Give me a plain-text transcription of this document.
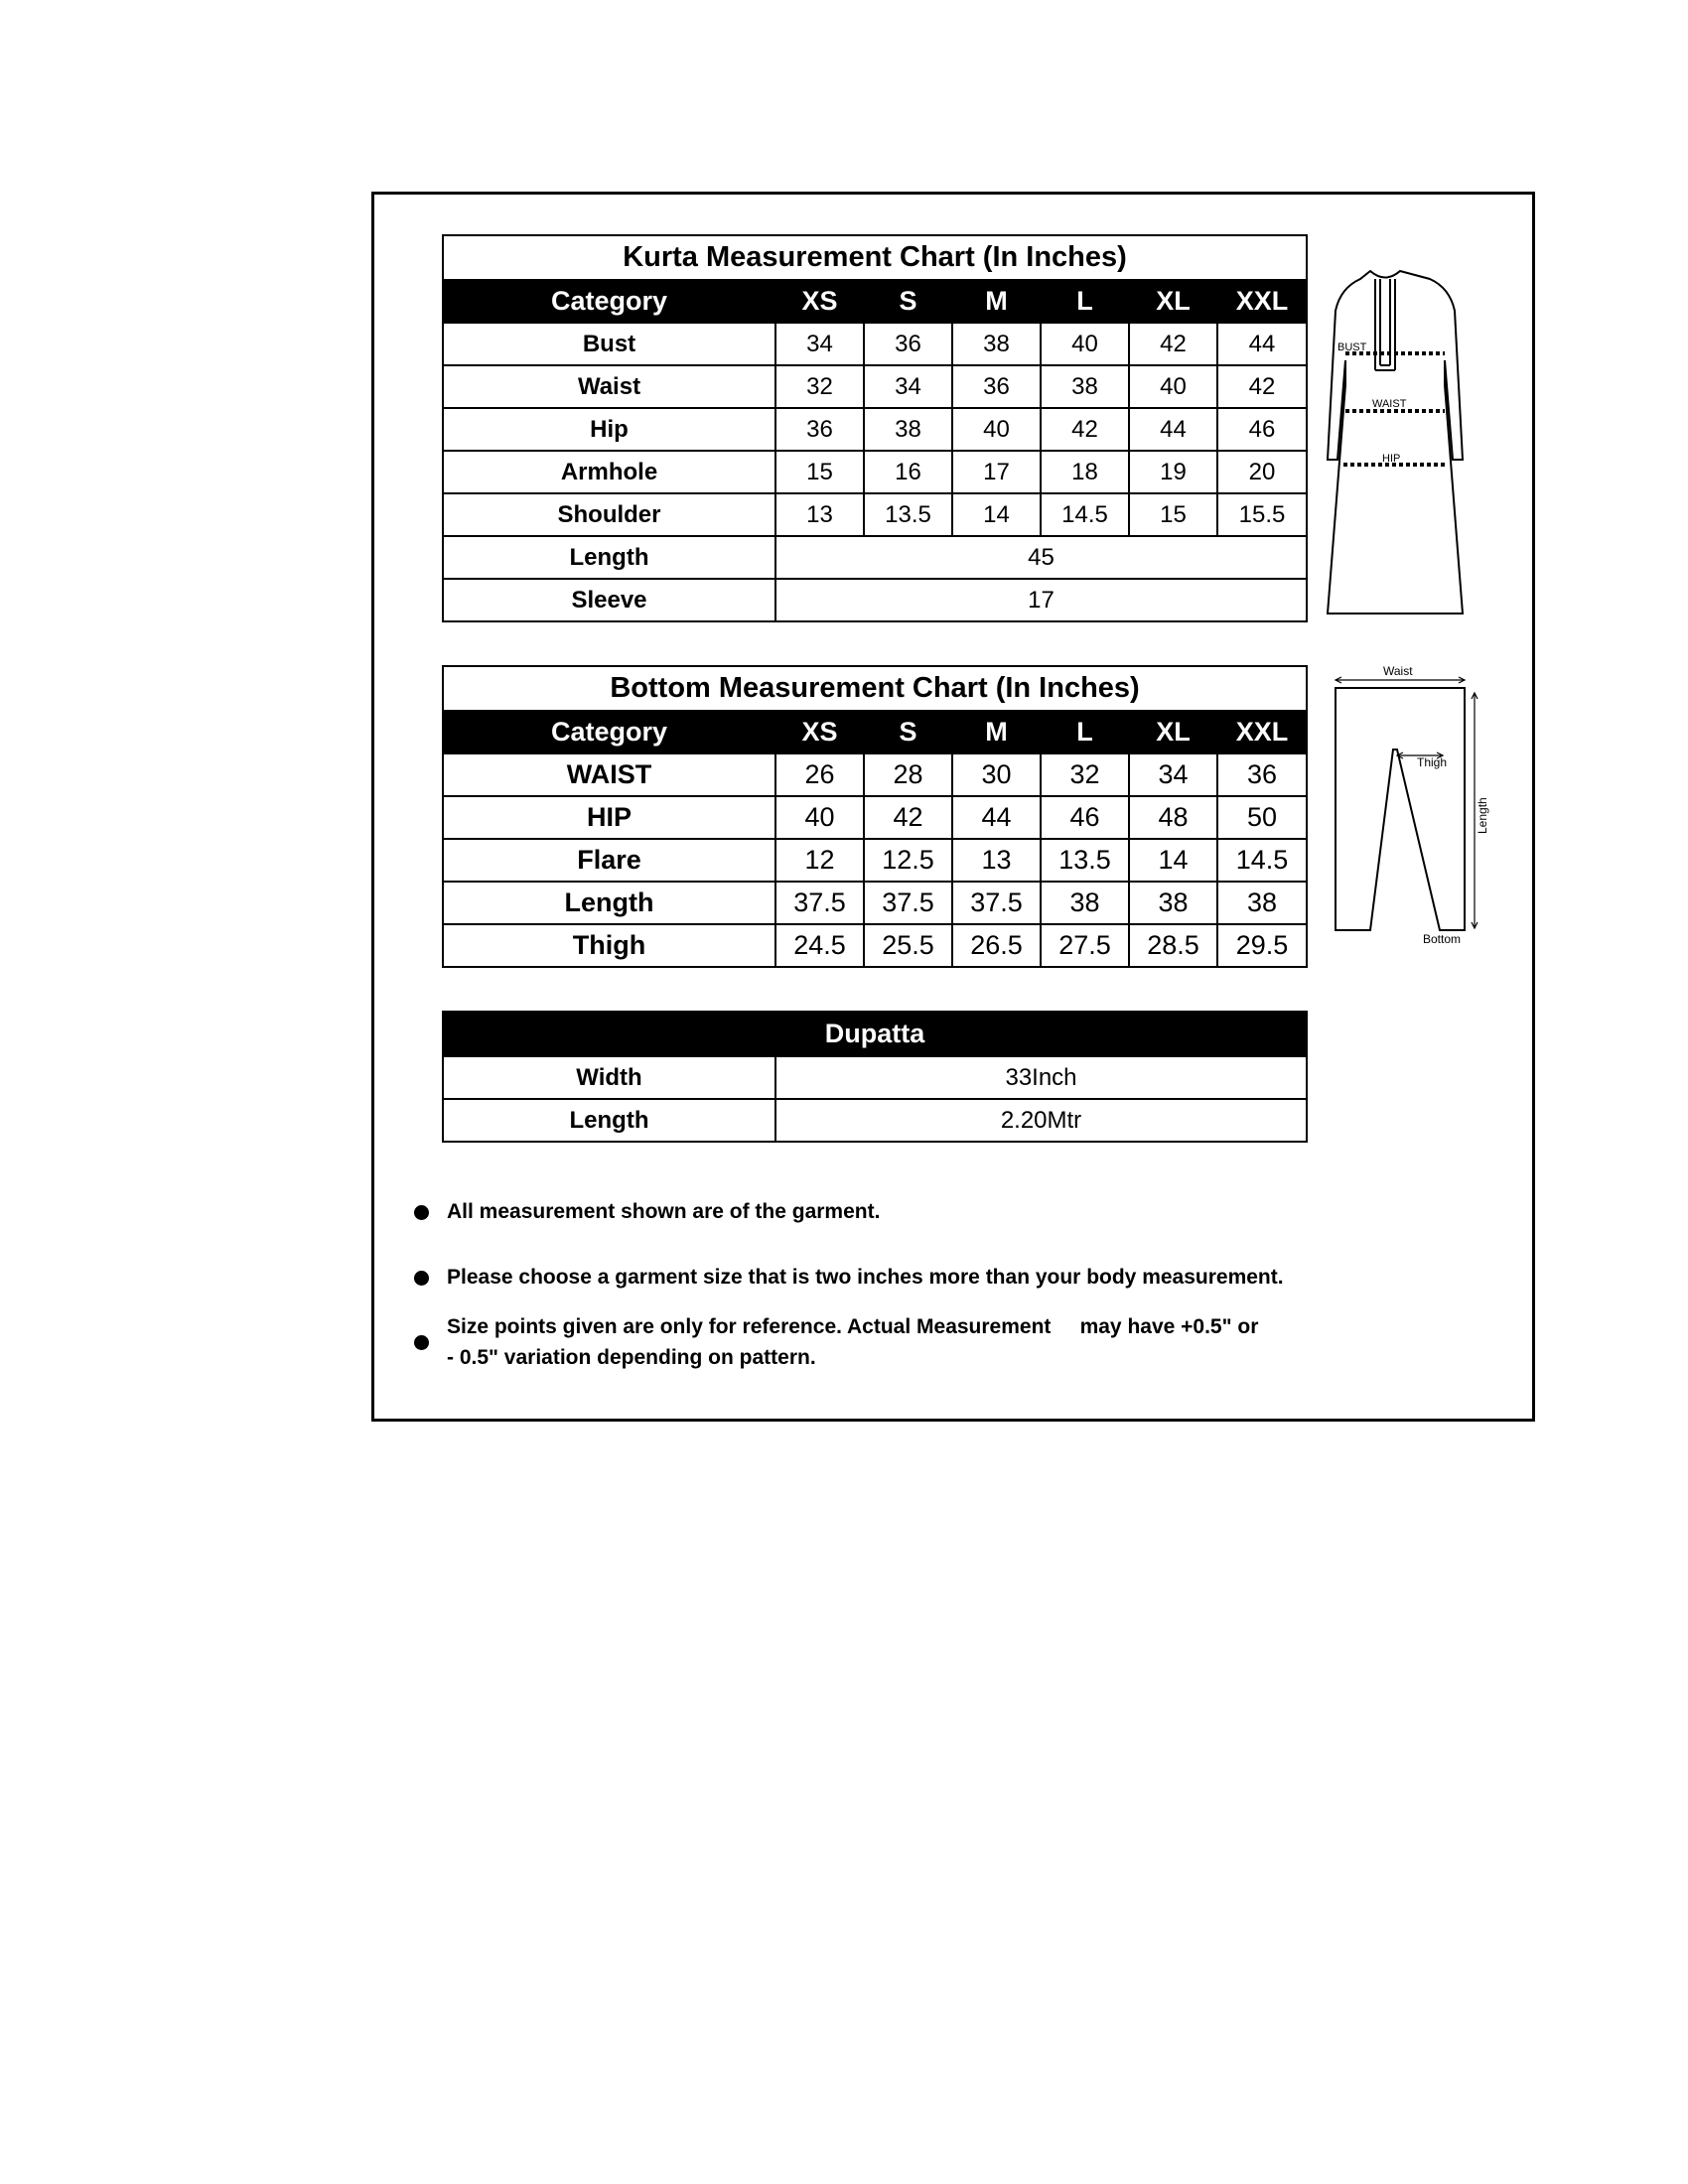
Kurta Measurement Chart (In Inches)						
Category	XS	S	M	L	XL	XXL
Bust	34	36	38	40	42	44
Waist	32	34	36	38	40	42
Hip	36	38	40	42	44	46
Armhole	15	16	17	18	19	20
Shoulder	13	13.5	14	14.5	15	15.5
Length	45					
Sleeve	17					
BUST
WAIST
HIP
Bottom Measurement Chart (In Inches)						
Category	XS	S	M	L	XL	XXL
WAIST	26	28	30	32	34	36
HIP	40	42	44	46	48	50
Flare	12	12.5	13	13.5	14	14.5
Length	37.5	37.5	37.5	38	38	38
Thigh	24.5	25.5	26.5	27.5	28.5	29.5
Waist
Thigh
Length
Bottom
Dupatta	
Width	33Inch
Length	2.20Mtr
All measurement shown are of the garment.
Please choose a garment size that is two inches more than your body measurement.
Size points given are only for reference. Actual Measurement     may have +0.5" or - 0.5" variation depending on pattern.
